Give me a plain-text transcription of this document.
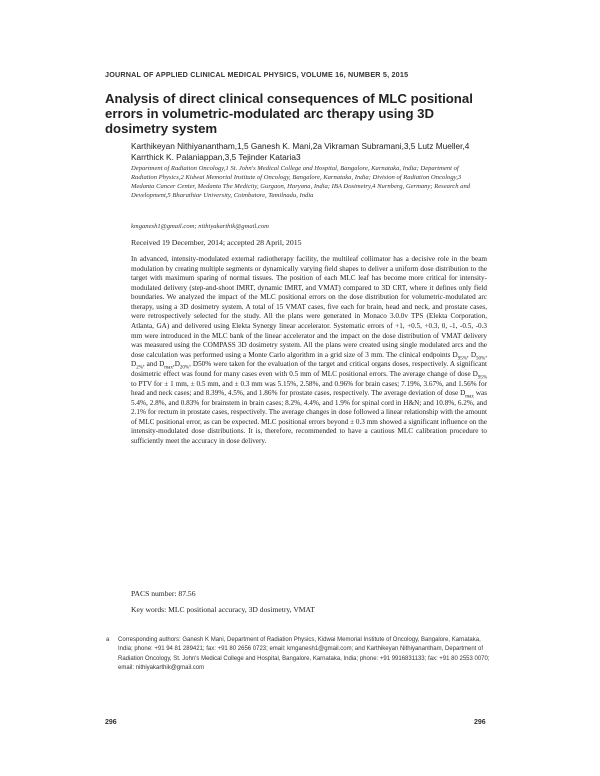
JOURNAL OF APPLIED CLINICAL MEDICAL PHYSICS, VOLUME 16, NUMBER 5, 2015
Analysis of direct clinical consequences of MLC positional errors in volumetric-modulated arc therapy using 3D dosimetry system
Karthikeyan Nithiyanantham,1,5 Ganesh K. Mani,2a Vikraman Subramani,3,5 Lutz Mueller,4 Karrthick K. Palaniappan,3,5 Tejinder Kataria3
Department of Radiation Oncology,1 St. John's Medical College and Hospital, Bangalore, Karnataka, India; Department of Radiation Physics,2 Kidwai Memorial Institute of Oncology, Bangalore, Karnataka, India; Division of Radiation Oncology,3 Medanta Cancer Center, Medanta The Medicity, Gurgaon, Haryana, India; IBA Dosimetry,4 Nurnberg, Germany; Research and Development,5 Bharathiar University, Coimbatore, Tamilnadu, India
kmganesh1@gmail.com; nithiyakarthik@gmail.com
Received 19 December, 2014; accepted 28 April, 2015

In advanced, intensity-modulated external radiotherapy facility, the multileaf collimator has a decisive role in the beam modulation by creating multiple segments or dynamically varying field shapes to deliver a uniform dose distribution to the target with maximum sparing of normal tissues. The position of each MLC leaf has become more critical for intensity-modulated delivery (step-and-shoot IMRT, dynamic IMRT, and VMAT) compared to 3D CRT, where it defines only field boundaries. We analyzed the impact of the MLC positional errors on the dose distribution for volumetric-modulated arc therapy, using a 3D dosimetry system. A total of 15 VMAT cases, five each for brain, head and neck, and prostate cases, were retrospectively selected for the study. All the plans were generated in Monaco 3.0.0v TPS (Elekta Corporation, Atlanta, GA) and delivered using Elekta Synergy linear accelerator. Systematic errors of +1, +0.5, +0.3, 0, -1, -0.5, -0.3 mm were introduced in the MLC bank of the linear accelerator and the impact on the dose distribution of VMAT delivery was measured using the COMPASS 3D dosimetry system. All the plans were created using single modulated arcs and the dose calculation was performed using a Monte Carlo algorithm in a grid size of 3 mm. The clinical endpoints $D_{95\%}$, $D_{50\%}$, $D_{2\%}$, and $D_{max},D_{20\%}$, D50% were taken for the evaluation of the target and critical organs doses, respectively. A significant dosimetric effect was found for many cases even with 0.5 mm of MLC positional errors. The average change of dose $D_{95\%}$ to PTV for ± 1 mm, ± 0.5 mm, and ± 0.3 mm was 5.15%, 2.58%, and 0.96% for brain cases; 7.19%, 3.67%, and 1.56% for head and neck cases; and 8.39%, 4.5%, and 1.86% for prostate cases, respectively. The average deviation of dose $D_{max}$ was 5.4%, 2.8%, and 0.83% for brainstem in brain cases; 8.2%, 4.4%, and 1.9% for spinal cord in H&N; and 10.8%, 6.2%, and 2.1% for rectum in prostate cases, respectively. The average changes in dose followed a linear relationship with the amount of MLC positional error, as can be expected. MLC positional errors beyond ± 0.3 mm showed a significant influence on the intensity-modulated dose distributions. It is, therefore, recommended to have a cautious MLC calibration procedure to sufficiently meet the accuracy in dose delivery.

PACS number: 87.56
Key words: MLC positional accuracy, 3D dosimetry, VMAT
a Corresponding authors: Ganesh K Mani, Department of Radiation Physics, Kidwai Memorial Institute of Oncology, Bangalore, Karnataka, India; phone: +91 94 81 289421; fax: +91 80 2656 0723; email: kmganesh1@gmail.com; and Karthikeyan Nithiyanantham, Department of Radiation Oncology, St. John's Medical College and Hospital, Bangalore, Karnataka, India; phone: +91 9916831133; fax: +91 80 2553 0070; email: nithiyakarthik@gmail.com
296	296
